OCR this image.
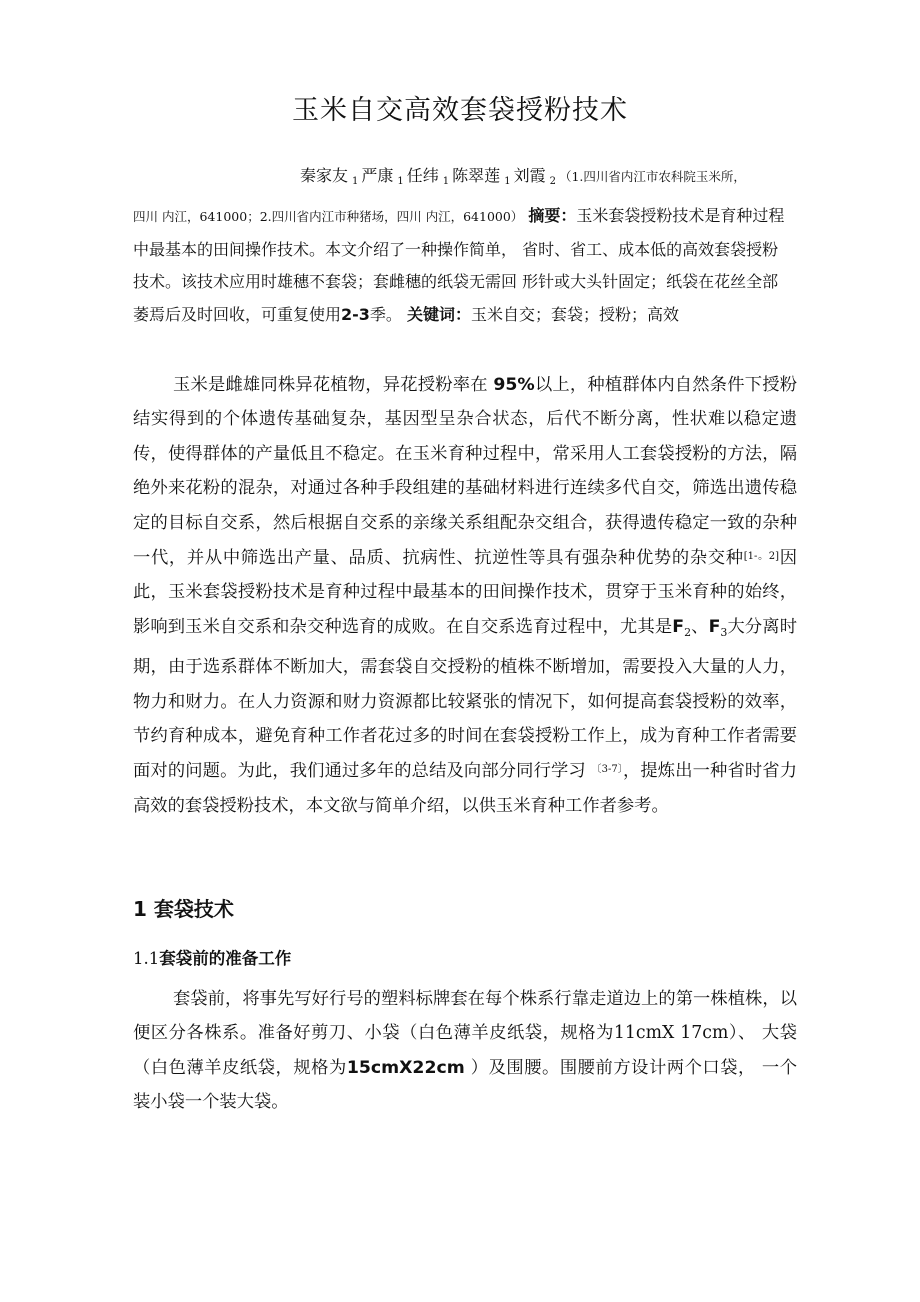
玉米自交高效套袋授粉技术

秦家友 $_1$ 严康 $_1$ 任纬 $_1$ 陈翠莲 $_1$ 刘霞 $_2$ （1.四川省内江市农科院玉米所，

四川 内江，641000；2.四川省内江市种猪场，四川 内江，641000） 摘要：玉米套袋授粉技术是育种过程中最基本的田间操作技术。本文介绍了一种操作简单， 省时、省工、成本低的高效套袋授粉技术。该技术应用时雄穗不套袋；套雌穗的纸袋无需回 形针或大头针固定；纸袋在花丝全部萎焉后及时回收，可重复使用2-3季。 关键词：玉米自交；套袋；授粉；高效

玉米是雌雄同株异花植物，异花授粉率在 95%以上，种植群体内自然条件下授粉结实得到的个体遗传基础复杂，基因型呈杂合状态，后代不断分离，性状难以稳定遗传，使得群体的产量低且不稳定。在玉米育种过程中，常采用人工套袋授粉的方法，隔绝外来花粉的混杂，对通过各种手段组建的基础材料进行连续多代自交，筛选出遗传稳定的目标自交系，然后根据自交系的亲缘关系组配杂交组合，获得遗传稳定一致的杂种一代，并从中筛选出产量、品质、抗病性、抗逆性等具有强杂种优势的杂交种[1-。2]因此，玉米套袋授粉技术是育种过程中最基本的田间操作技术，贯穿于玉米育种的始终，影响到玉米自交系和杂交种选育的成败。在自交系选育过程中，尤其是$F_2$、$F_3$大分离时期，由于选系群体不断加大，需套袋自交授粉的植株不断增加，需要投入大量的人力，物力和财力。在人力资源和财力资源都比较紧张的情况下，如何提高套袋授粉的效率，节约育种成本，避免育种工作者花过多的时间在套袋授粉工作上，成为育种工作者需要面对的问题。为此，我们通过多年的总结及向部分同行学习 $^{〔3-7〕}$，提炼出一种省时省力高效的套袋授粉技术，本文欲与简单介绍，以供玉米育种工作者参考。

1 套袋技术
1.1套袋前的准备工作

套袋前，将事先写好行号的塑料标牌套在每个株系行靠走道边上的第一株植株，以便区分各株系。准备好剪刀、小袋（白色薄羊皮纸袋，规格为11cmX 17cm）、 大袋（白色薄羊皮纸袋，规格为15cmX22cm ）及围腰。围腰前方设计两个口袋， 一个装小袋一个装大袋。
